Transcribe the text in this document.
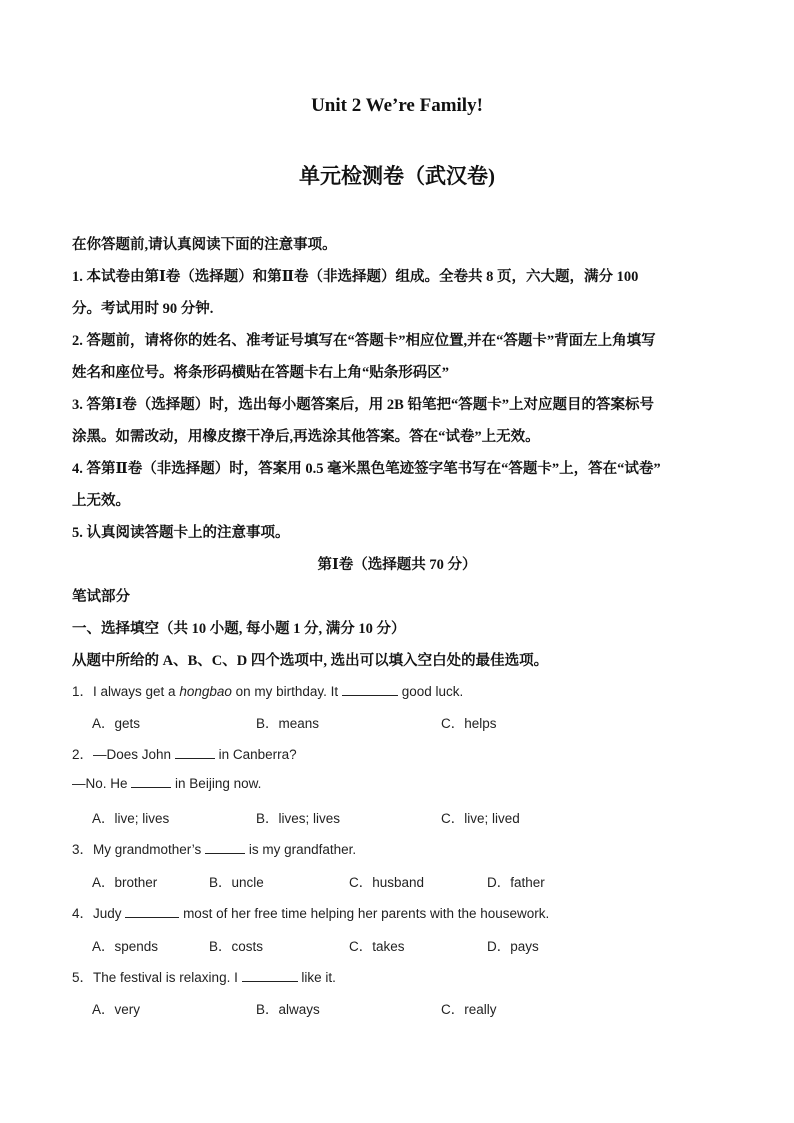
Unit 2 We’re Family!
单元检测卷（武汉卷)
在你答题前,请认真阅读下面的注意事项。
1. 本试卷由第Ⅰ卷（选择题）和第Ⅱ卷（非选择题）组成。全卷共 8 页，六大题，满分 100
分。考试用时 90 分钟.
2. 答题前，请将你的姓名、准考证号填写在“答题卡”相应位置,并在“答题卡”背面左上角填写
姓名和座位号。将条形码横贴在答题卡右上角“贴条形码区”
3. 答第Ⅰ卷（选择题）时，选出每小题答案后，用 2B 铅笔把“答题卡”上对应题目的答案标号
涂黑。如需改动，用橡皮擦干净后,再选涂其他答案。答在“试卷”上无效。
4. 答第Ⅱ卷（非选择题）时，答案用 0.5 毫米黑色笔迹签字笔书写在“答题卡”上，答在“试卷”
上无效。
5. 认真阅读答题卡上的注意事项。
第Ⅰ卷（选择题共 70 分）
笔试部分
一、选择填空（共 10 小题, 每小题 1 分, 满分 10 分）
从题中所给的 A、B、C、D 四个选项中, 选出可以填入空白处的最佳选项。
1．I always get a hongbao on my birthday. It	good luck.
A．gets	B．means	C．helps
2．—Does John	in Canberra?
—No. He	in Beijing now.
A．live; lives	B．lives; lives	C．live; lived
3．My grandmother’s	is my grandfather.
A．brother	B．uncle	C．husband	D．father
4．Judy	most of her free time helping her parents with the housework.
A．spends	B．costs	C．takes	D．pays
5．The festival is relaxing. I	like it.
A．very	B．always	C．really
